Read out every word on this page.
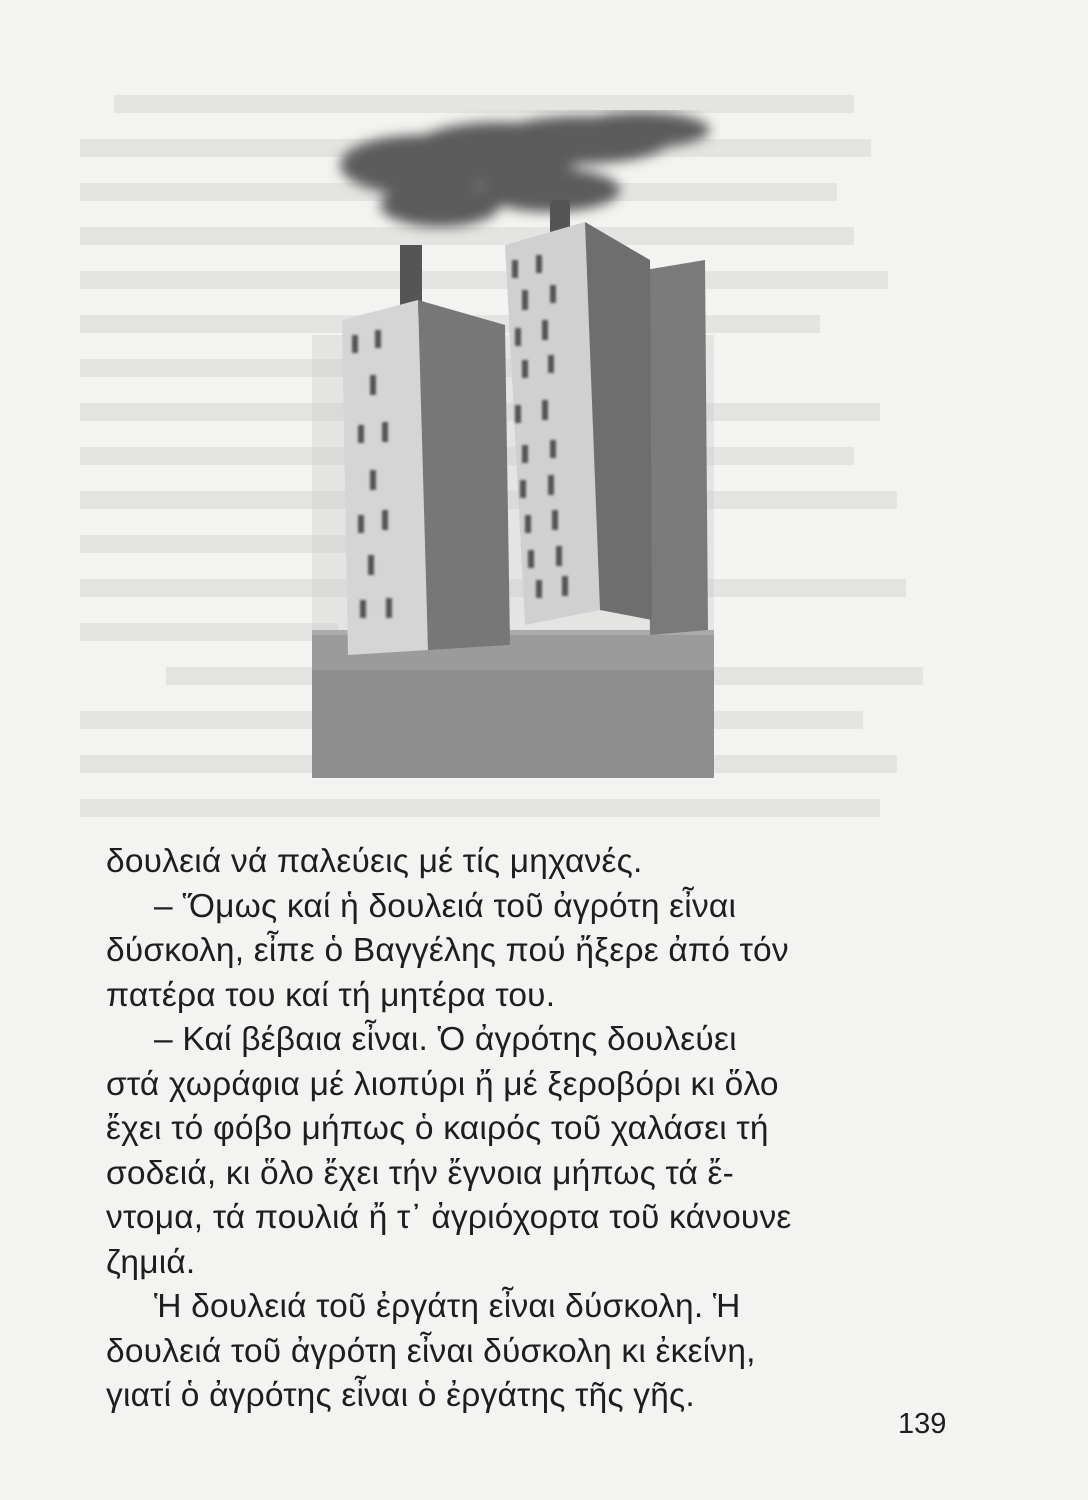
δουλειά νά παλεύεις μέ τίς μηχανές.
– Ὅμως καί ἡ δουλειά τοῦ ἀγρότη εἶναι
δύσκολη, εἶπε ὁ Βαγγέλης πού ἤξερε ἀπό τόν
πατέρα του καί τή μητέρα του.
– Καί βέβαια εἶναι. Ὁ ἀγρότης δουλεύει
στά χωράφια μέ λιοπύρι ἤ μέ ξεροβόρι κι ὅλο
ἔχει τό φόβο μήπως ὁ καιρός τοῦ χαλάσει τή
σοδειά, κι ὅλο ἔχει τήν ἔγνοια μήπως τά ἔ-
ντομα, τά πουλιά ἤ τ᾽ ἀγριόχορτα τοῦ κάνουνε
ζημιά.
Ἡ δουλειά τοῦ ἐργάτη εἶναι δύσκολη. Ἡ
δουλειά τοῦ ἀγρότη εἶναι δύσκολη κι ἐκείνη,
γιατί ὁ ἀγρότης εἶναι ὁ ἐργάτης τῆς γῆς.
139
